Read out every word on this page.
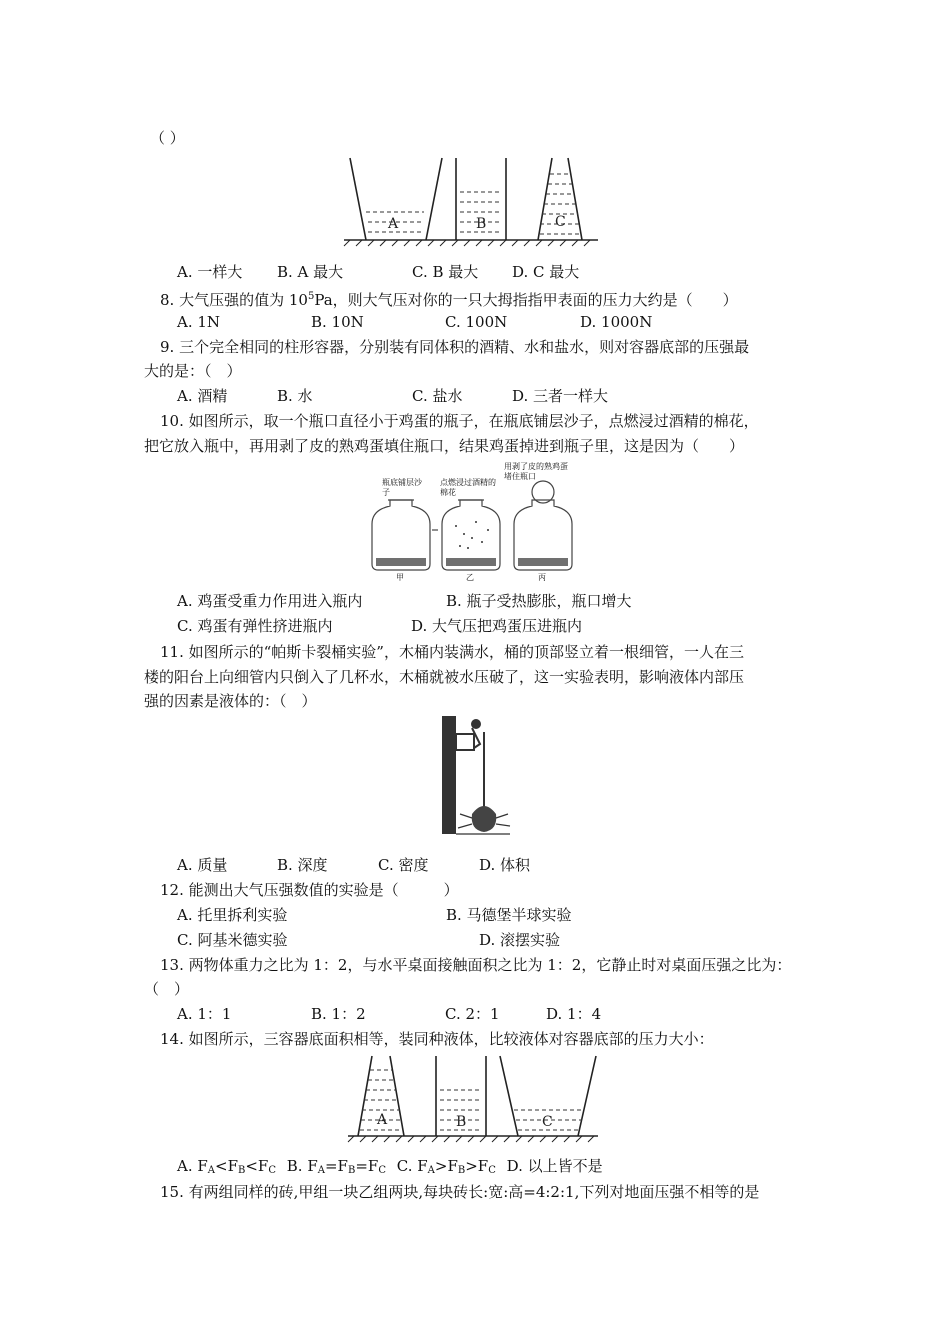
（ ）
A	B	C
A. 一样大 B. A 最大	C. B 最大 D. C 最大
8. 大气压强的值为 $10^5Pa$，则大气压对你的一只大拇指指甲表面的压力大约是（　　）
A. 1N	B. 10N	C. 100N	D. 1000N
9. 三个完全相同的柱形容器，分别装有同体积的酒精、水和盐水，则对容器底部的压强最
大的是：（　）
A. 酒精	B. 水	C. 盐水	D. 三者一样大
10. 如图所示，取一个瓶口直径小于鸡蛋的瓶子，在瓶底铺层沙子，点燃浸过酒精的棉花，
把它放入瓶中，再用剥了皮的熟鸡蛋填住瓶口，结果鸡蛋掉进到瓶子里，这是因为（　　）
瓶底铺层沙子
点燃浸过酒精的棉花
用剥了皮的熟鸡蛋堵住瓶口
甲	乙	丙
A. 鸡蛋受重力作用进入瓶内	B. 瓶子受热膨胀，瓶口增大
C. 鸡蛋有弹性挤进瓶内	D. 大气压把鸡蛋压进瓶内
11. 如图所示的“帕斯卡裂桶实验”，木桶内装满水，桶的顶部竖立着一根细管，一人在三
楼的阳台上向细管内只倒入了几杯水，木桶就被水压破了，这一实验表明，影响液体内部压
强的因素是液体的：（　）
A. 质量	B. 深度	C. 密度	D. 体积
12. 能测出大气压强数值的实验是（　　　）
A. 托里拆利实验	B. 马德堡半球实验
C. 阿基米德实验	D. 滚摆实验
13. 两物体重力之比为 1：2，与水平桌面接触面积之比为 1：2，它静止时对桌面压强之比为：
（　）
A. 1：1	B. 1：2	C. 2：1	D. 1：4
14. 如图所示，三容器底面积相等，装同种液体，比较液体对容器底部的压力大小：
A	B	C
A. $F_A<F_B<F_C$ B. $F_A=F_B=F_C$ C. $F_A>F_B>F_C$ D. 以上皆不是
15. 有两组同样的砖,甲组一块乙组两块,每块砖长:宽:高=4:2:1,下列对地面压强不相等的是
